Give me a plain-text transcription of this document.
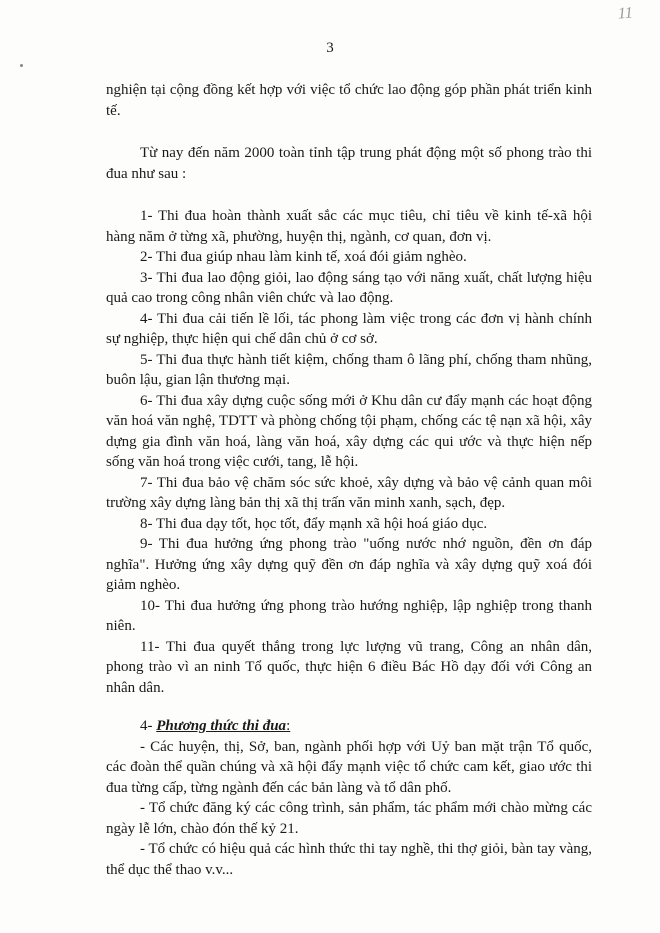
11
3

nghiện tại cộng đồng kết hợp với việc tổ chức lao động góp phần phát triển kinh tế.

Từ nay đến năm 2000 toàn tỉnh tập trung phát động một số phong trào thi đua như sau :

1- Thi đua hoàn thành xuất sắc các mục tiêu, chỉ tiêu về kinh tế-xã hội hàng năm ở từng xã, phường, huyện thị, ngành, cơ quan, đơn vị.

2- Thi đua giúp nhau làm kinh tế, xoá đói giảm nghèo.

3- Thi đua lao động giỏi, lao động sáng tạo với năng xuất, chất lượng hiệu quả cao trong công nhân viên chức và lao động.

4- Thi đua cải tiến lề lối, tác phong làm việc trong các đơn vị hành chính sự nghiệp, thực hiện qui chế dân chủ ở cơ sở.

5- Thi đua thực hành tiết kiệm, chống tham ô lãng phí, chống tham nhũng, buôn lậu, gian lận thương mại.

6- Thi đua xây dựng cuộc sống mới ở Khu dân cư đẩy mạnh các hoạt động văn hoá văn nghệ, TDTT và phòng chống tội phạm, chống các tệ nạn xã hội, xây dựng gia đình văn hoá, làng văn hoá, xây dựng các qui ước và thực hiện nếp sống văn hoá trong việc cưới, tang, lễ hội.

7- Thi đua bảo vệ chăm sóc sức khoẻ, xây dựng và bảo vệ cảnh quan môi trường xây dựng làng bản thị xã thị trấn văn minh xanh, sạch, đẹp.

8- Thi đua dạy tốt, học tốt, đẩy mạnh xã hội hoá giáo dục.

9- Thi đua hưởng ứng phong trào "uống nước nhớ nguồn, đền ơn đáp nghĩa". Hưởng ứng xây dựng quỹ đền ơn đáp nghĩa và xây dựng quỹ xoá đói giảm nghèo.

10- Thi đua hưởng ứng phong trào hướng nghiệp, lập nghiệp trong thanh niên.

11- Thi đua quyết thắng trong lực lượng vũ trang, Công an nhân dân, phong trào vì an ninh Tổ quốc, thực hiện 6 điều Bác Hồ dạy đối với Công an nhân dân.

4- Phương thức thi đua:

- Các huyện, thị, Sở, ban, ngành phối hợp với Uỷ ban mặt trận Tổ quốc, các đoàn thể quần chúng và xã hội đẩy mạnh việc tổ chức cam kết, giao ước thi đua từng cấp, từng ngành đến các bản làng và tổ dân phố.

- Tổ chức đăng ký các công trình, sản phẩm, tác phẩm mới chào mừng các ngày lễ lớn, chào đón thế kỷ 21.

- Tổ chức có hiệu quả các hình thức thi tay nghề, thi thợ giỏi, bàn tay vàng, thể dục thể thao v.v...
